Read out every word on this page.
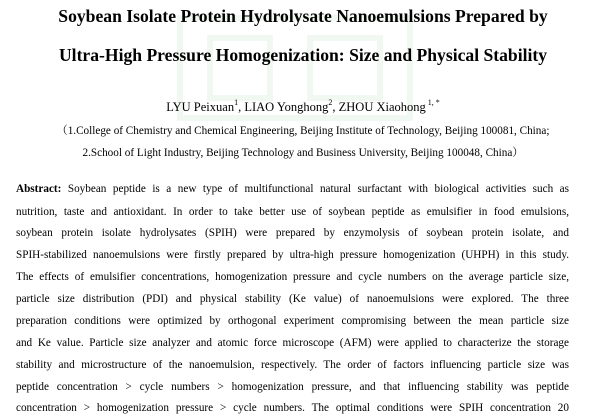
Soybean Isolate Protein Hydrolysate Nanoemulsions Prepared by
Ultra-High Pressure Homogenization: Size and Physical Stability
LYU Peixuan$^1$, LIAO Yonghong$^2$, ZHOU Xiaohong $^{1, *}$
（1.College of Chemistry and Chemical Engineering, Beijing Institute of Technology, Beijing 100081, China;
2.School of Light Industry, Beijing Technology and Business University, Beijing 100048, China）
Abstract: Soybean peptide is a new type of multifunctional natural surfactant with biological activities such as
nutrition, taste and antioxidant. In order to take better use of soybean peptide as emulsifier in food emulsions,
soybean protein isolate hydrolysates (SPIH) were prepared by enzymolysis of soybean protein isolate, and
SPIH-stabilized nanoemulsions were firstly prepared by ultra-high pressure homogenization (UHPH) in this study.
The effects of emulsifier concentrations, homogenization pressure and cycle numbers on the average particle size,
particle size distribution (PDI) and physical stability (Ke value) of nanoemulsions were explored. The three
preparation conditions were optimized by orthogonal experiment compromising between the mean particle size
and Ke value. Particle size analyzer and atomic force microscope (AFM) were applied to characterize the storage
stability and microstructure of the nanoemulsion, respectively. The order of factors influencing particle size was
peptide concentration > cycle numbers > homogenization pressure, and that influencing stability was peptide
concentration > homogenization pressure > cycle numbers. The optimal conditions were SPIH concentration 20
